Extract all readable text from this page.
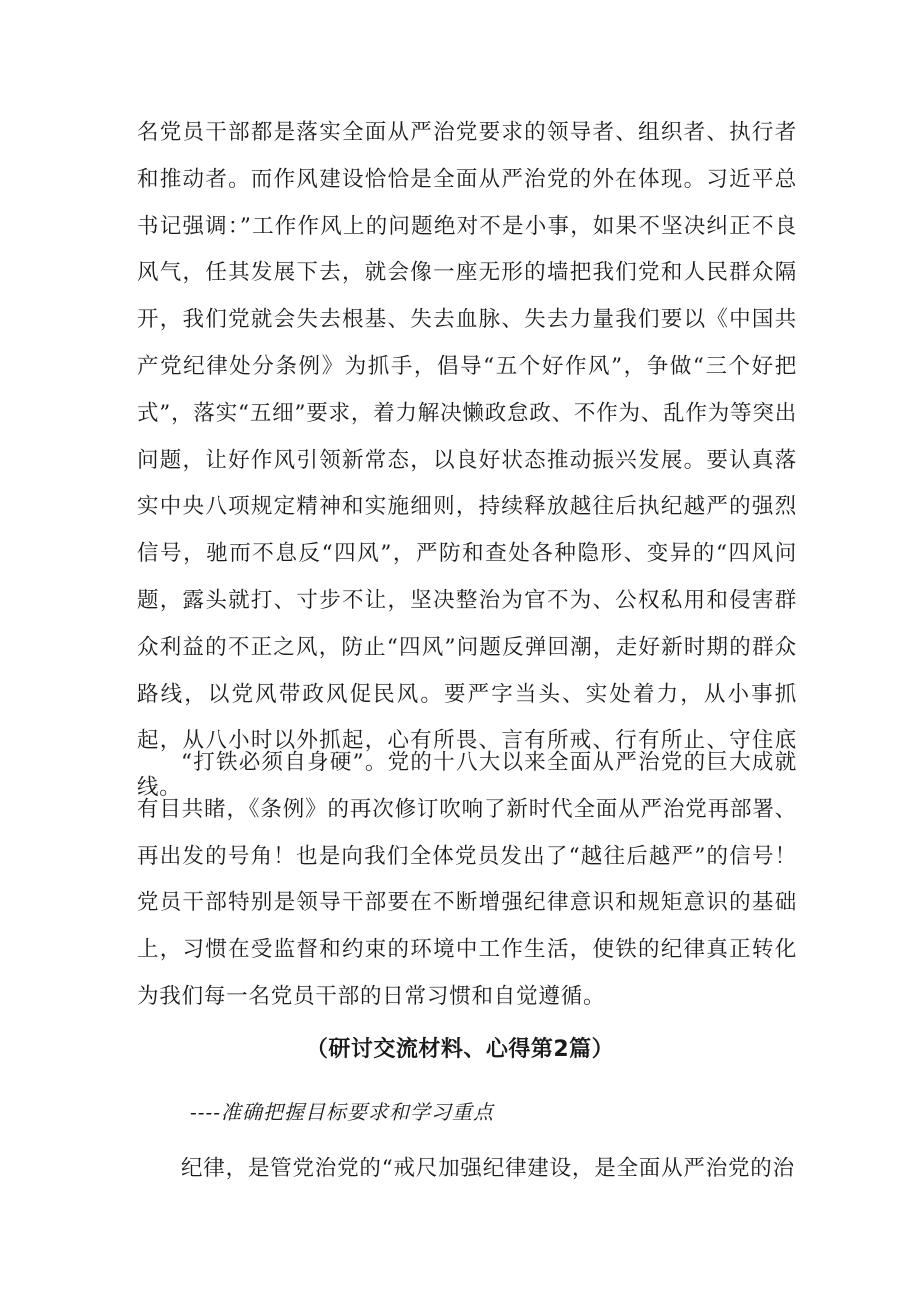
名党员干部都是落实全面从严治党要求的领导者、组织者、执行者和推动者。而作风建设恰恰是全面从严治党的外在体现。习近平总书记强调：”工作作风上的问题绝对不是小事，如果不坚决纠正不良风气，任其发展下去，就会像一座无形的墙把我们党和人民群众隔开，我们党就会失去根基、失去血脉、失去力量我们要以《中国共产党纪律处分条例》为抓手，倡导“五个好作风”，争做“三个好把式”，落实“五细”要求，着力解决懒政怠政、不作为、乱作为等突出问题，让好作风引领新常态，以良好状态推动振兴发展。要认真落实中央八项规定精神和实施细则，持续释放越往后执纪越严的强烈信号，驰而不息反“四风”，严防和查处各种隐形、变异的“四风问题，露头就打、寸步不让，坚决整治为官不为、公权私用和侵害群众利益的不正之风，防止“四风”问题反弹回潮，走好新时期的群众路线，以党风带政风促民风。要严字当头、实处着力，从小事抓起，从八小时以外抓起，心有所畏、言有所戒、行有所止、守住底线。

“打铁必须自身硬”。党的十八大以来全面从严治党的巨大成就有目共睹，《条例》的再次修订吹响了新时代全面从严治党再部署、再出发的号角！也是向我们全体党员发出了“越往后越严”的信号！党员干部特别是领导干部要在不断增强纪律意识和规矩意识的基础上，习惯在受监督和约束的环境中工作生活，使铁的纪律真正转化为我们每一名党员干部的日常习惯和自觉遵循。

（研讨交流材料、心得第2篇）

----准确把握目标要求和学习重点

纪律，是管党治党的“戒尺加强纪律建设，是全面从严治党的治
